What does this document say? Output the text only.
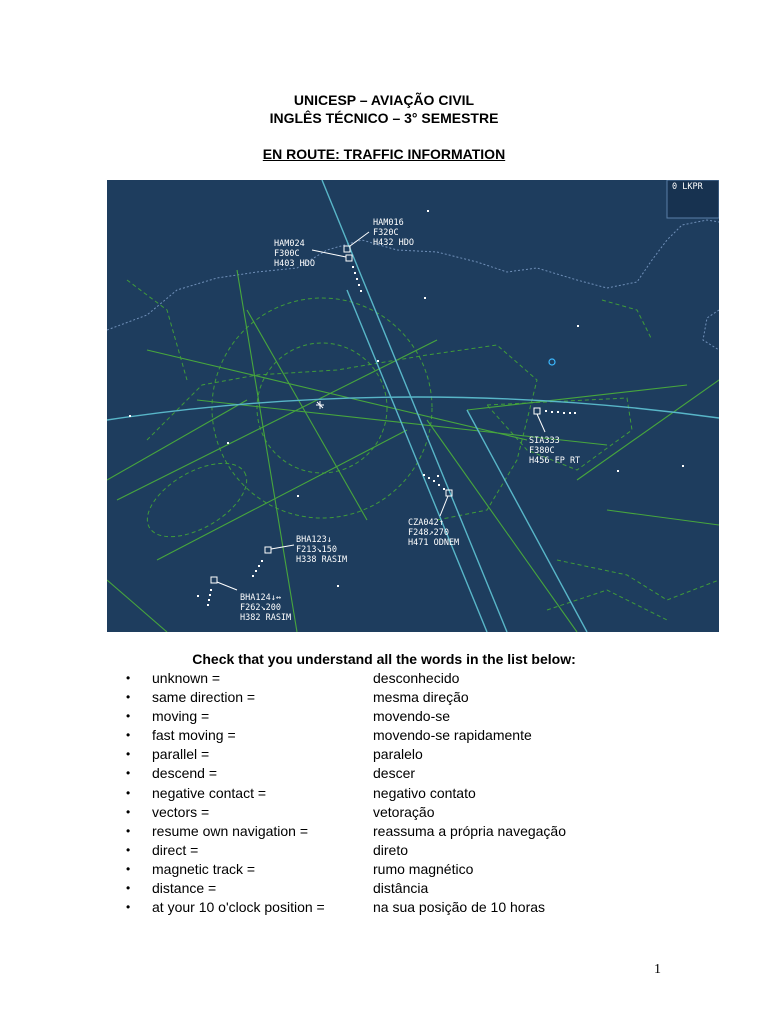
UNICESP – AVIAÇÃO CIVIL
INGLÊS TÉCNICO – 3° SEMESTRE
EN ROUTE: TRAFFIC INFORMATION
0 LKPR
HAM016
F320C
H432 HDO
HAM024
F300C
H403 HDO
SIA333
F380C
H456 FP RT
CZA042↑
F248↗270
H471 ODNEM
BHA123↓
F213↘150
H338 RASIM
BHA124↓↔
F262↘200
H382 RASIM
Check that you understand all the words in the list below:
•	unknown =	desconhecido
•	same direction =	mesma direção
•	moving =	movendo-se
•	fast moving =	movendo-se rapidamente
•	parallel =	paralelo
•	descend =	descer
•	negative contact =	negativo contato
•	vectors =	vetoração
•	resume own navigation =	reassuma a própria navegação
•	direct =	direto
•	magnetic track =	rumo magnético
•	distance =	distância
•	at your 10 o'clock position =	na sua posição de 10 horas
1
